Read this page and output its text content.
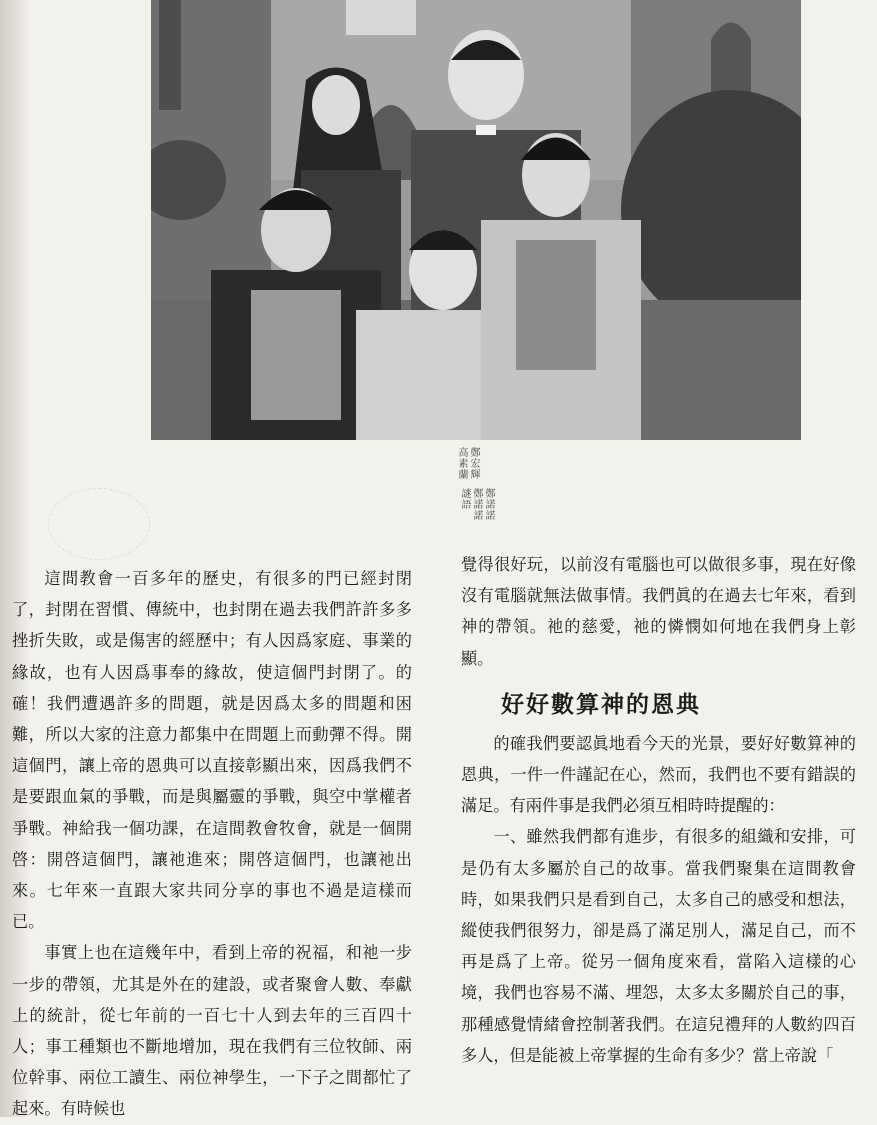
高素蘭 鄭宏輝
謎語 鄭諾諾 鄭諾諾

這間教會一百多年的歷史，有很多的門已經封閉了，封閉在習慣、傳統中，也封閉在過去我們許許多多挫折失敗，或是傷害的經歷中；有人因爲家庭、事業的緣故，也有人因爲事奉的緣故，使這個門封閉了。的確！我們遭遇許多的問題，就是因爲太多的問題和困難，所以大家的注意力都集中在問題上而動彈不得。開這個門，讓上帝的恩典可以直接彰顯出來，因爲我們不是要跟血氣的爭戰，而是與屬靈的爭戰，與空中掌權者爭戰。神給我一個功課，在這間教會牧會，就是一個開啓：開啓這個門，讓祂進來；開啓這個門，也讓祂出來。七年來一直跟大家共同分享的事也不過是這樣而已。

事實上也在這幾年中，看到上帝的祝福，和祂一步一步的帶領，尤其是外在的建設，或者聚會人數、奉獻上的統計，從七年前的一百七十人到去年的三百四十人；事工種類也不斷地增加，現在我們有三位牧師、兩位幹事、兩位工讀生、兩位神學生，一下子之間都忙了起來。有時候也

覺得很好玩，以前沒有電腦也可以做很多事，現在好像沒有電腦就無法做事情。我們眞的在過去七年來，看到神的帶領。祂的慈愛，祂的憐憫如何地在我們身上彰顯。

好好數算神的恩典

的確我們要認眞地看今天的光景，要好好數算神的恩典，一件一件謹記在心，然而，我們也不要有錯誤的滿足。有兩件事是我們必須互相時時提醒的：

一、雖然我們都有進步，有很多的組織和安排，可是仍有太多屬於自己的故事。當我們聚集在這間教會時，如果我們只是看到自己，太多自己的感受和想法，縱使我們很努力，卻是爲了滿足別人，滿足自己，而不再是爲了上帝。從另一個角度來看，當陷入這樣的心境，我們也容易不滿、埋怨，太多太多關於自己的事，那種感覺情緒會控制著我們。在這兒禮拜的人數約四百多人，但是能被上帝掌握的生命有多少？當上帝說「
